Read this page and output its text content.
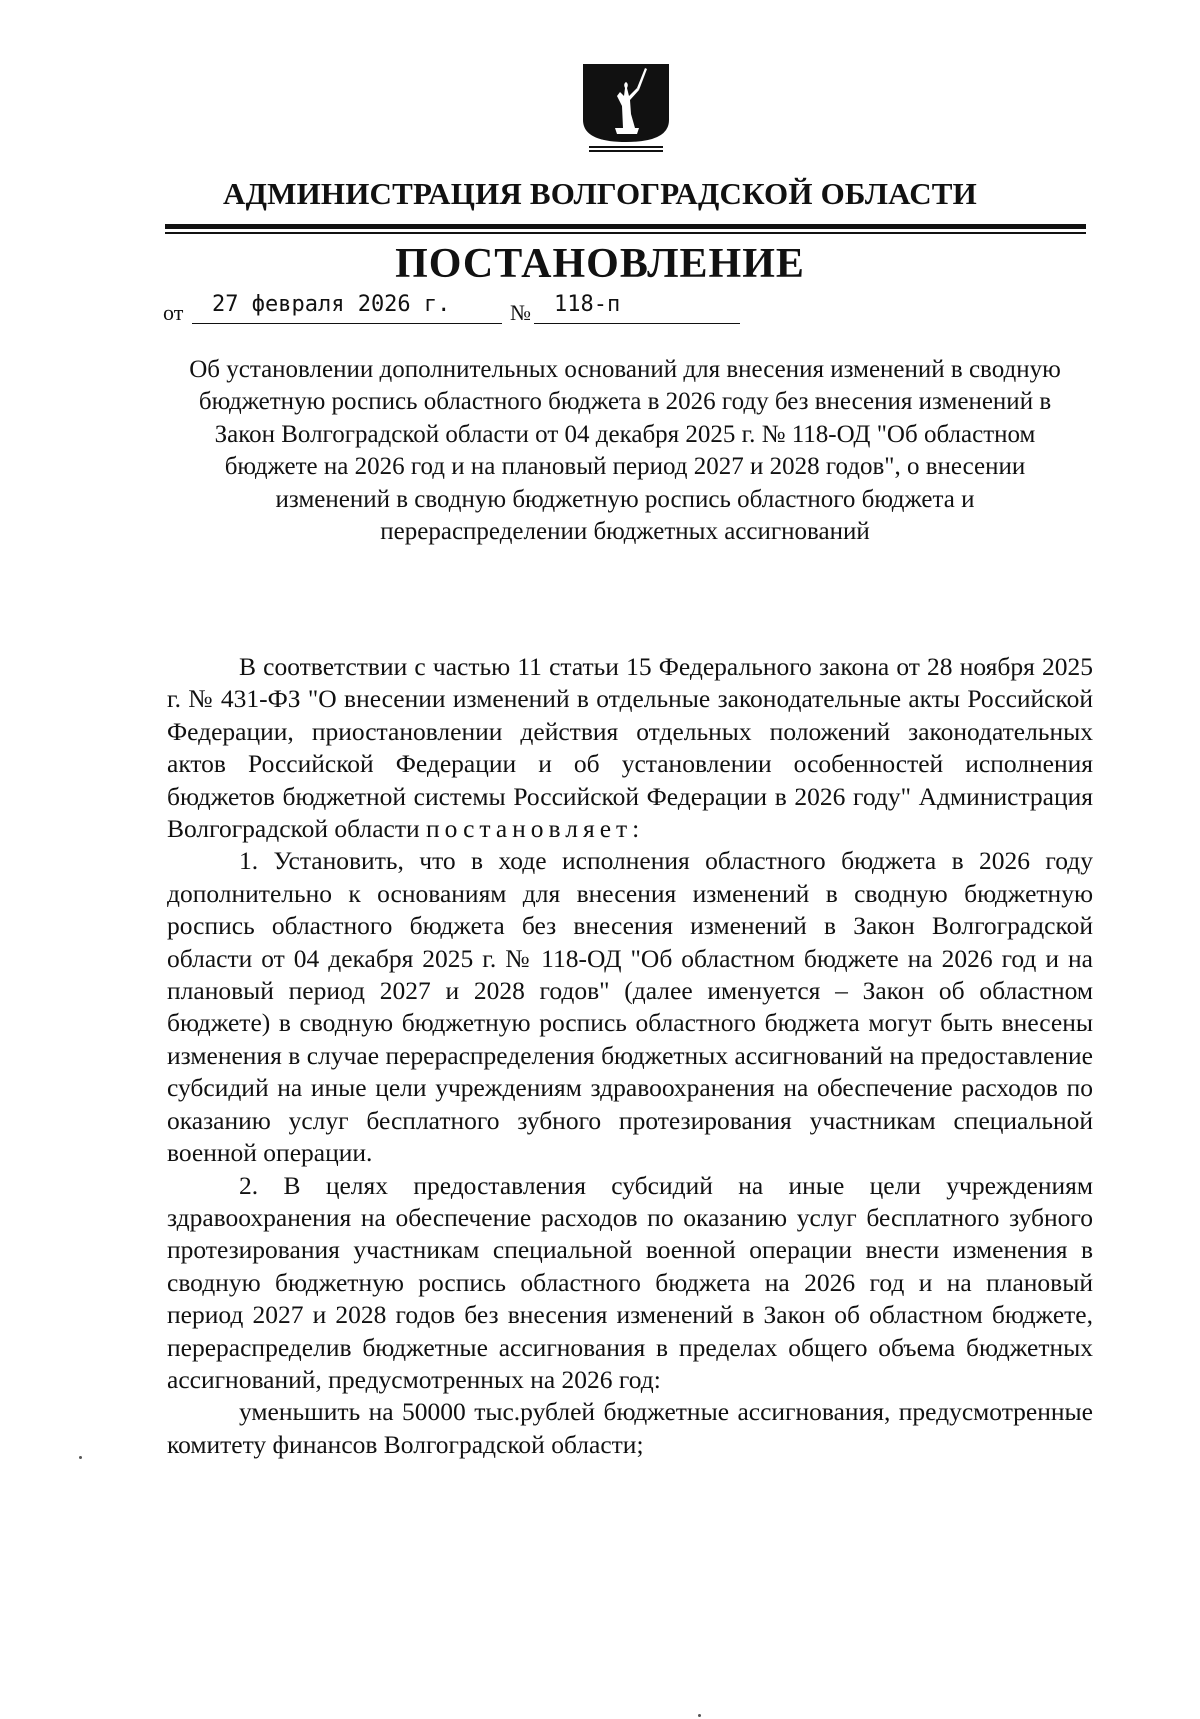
АДМИНИСТРАЦИЯ ВОЛГОГРАДСКОЙ ОБЛАСТИ
ПОСТАНОВЛЕНИЕ
от	27 февраля 2026 г.	№	118-п
Об установлении дополнительных оснований для внесения изменений в сводную бюджетную роспись областного бюджета в 2026 году без внесения изменений в Закон Волгоградской области от 04 декабря 2025 г. № 118-ОД "Об областном бюджете на 2026 год и на плановый период 2027 и 2028 годов", о внесении изменений в сводную бюджетную роспись областного бюджета и перераспределении бюджетных ассигнований

В соответствии с частью 11 статьи 15 Федерального закона от 28 ноября 2025 г. № 431-ФЗ "О внесении изменений в отдельные законодательные акты Российской Федерации, приостановлении действия отдельных положений законодательных актов Российской Федерации и об установлении особенностей исполнения бюджетов бюджетной системы Российской Федерации в 2026 году" Администрация Волгоградской области постановляет:

1. Установить, что в ходе исполнения областного бюджета в 2026 году дополнительно к основаниям для внесения изменений в сводную бюджетную роспись областного бюджета без внесения изменений в Закон Волгоградской области от 04 декабря 2025 г. № 118-ОД "Об областном бюджете на 2026 год и на плановый период 2027 и 2028 годов" (далее именуется – Закон об областном бюджете) в сводную бюджетную роспись областного бюджета могут быть внесены изменения в случае перераспределения бюджетных ассигнований на предоставление субсидий на иные цели учреждениям здравоохранения на обеспечение расходов по оказанию услуг бесплатного зубного протезирования участникам специальной военной операции.

2. В целях предоставления субсидий на иные цели учреждениям здравоохранения на обеспечение расходов по оказанию услуг бесплатного зубного протезирования участникам специальной военной операции внести изменения в сводную бюджетную роспись областного бюджета на 2026 год и на плановый период 2027 и 2028 годов без внесения изменений в Закон об областном бюджете, перераспределив бюджетные ассигнования в пределах общего объема бюджетных ассигнований, предусмотренных на 2026 год:

уменьшить на 50000 тыс.рублей бюджетные ассигнования, предусмотренные комитету финансов Волгоградской области;
